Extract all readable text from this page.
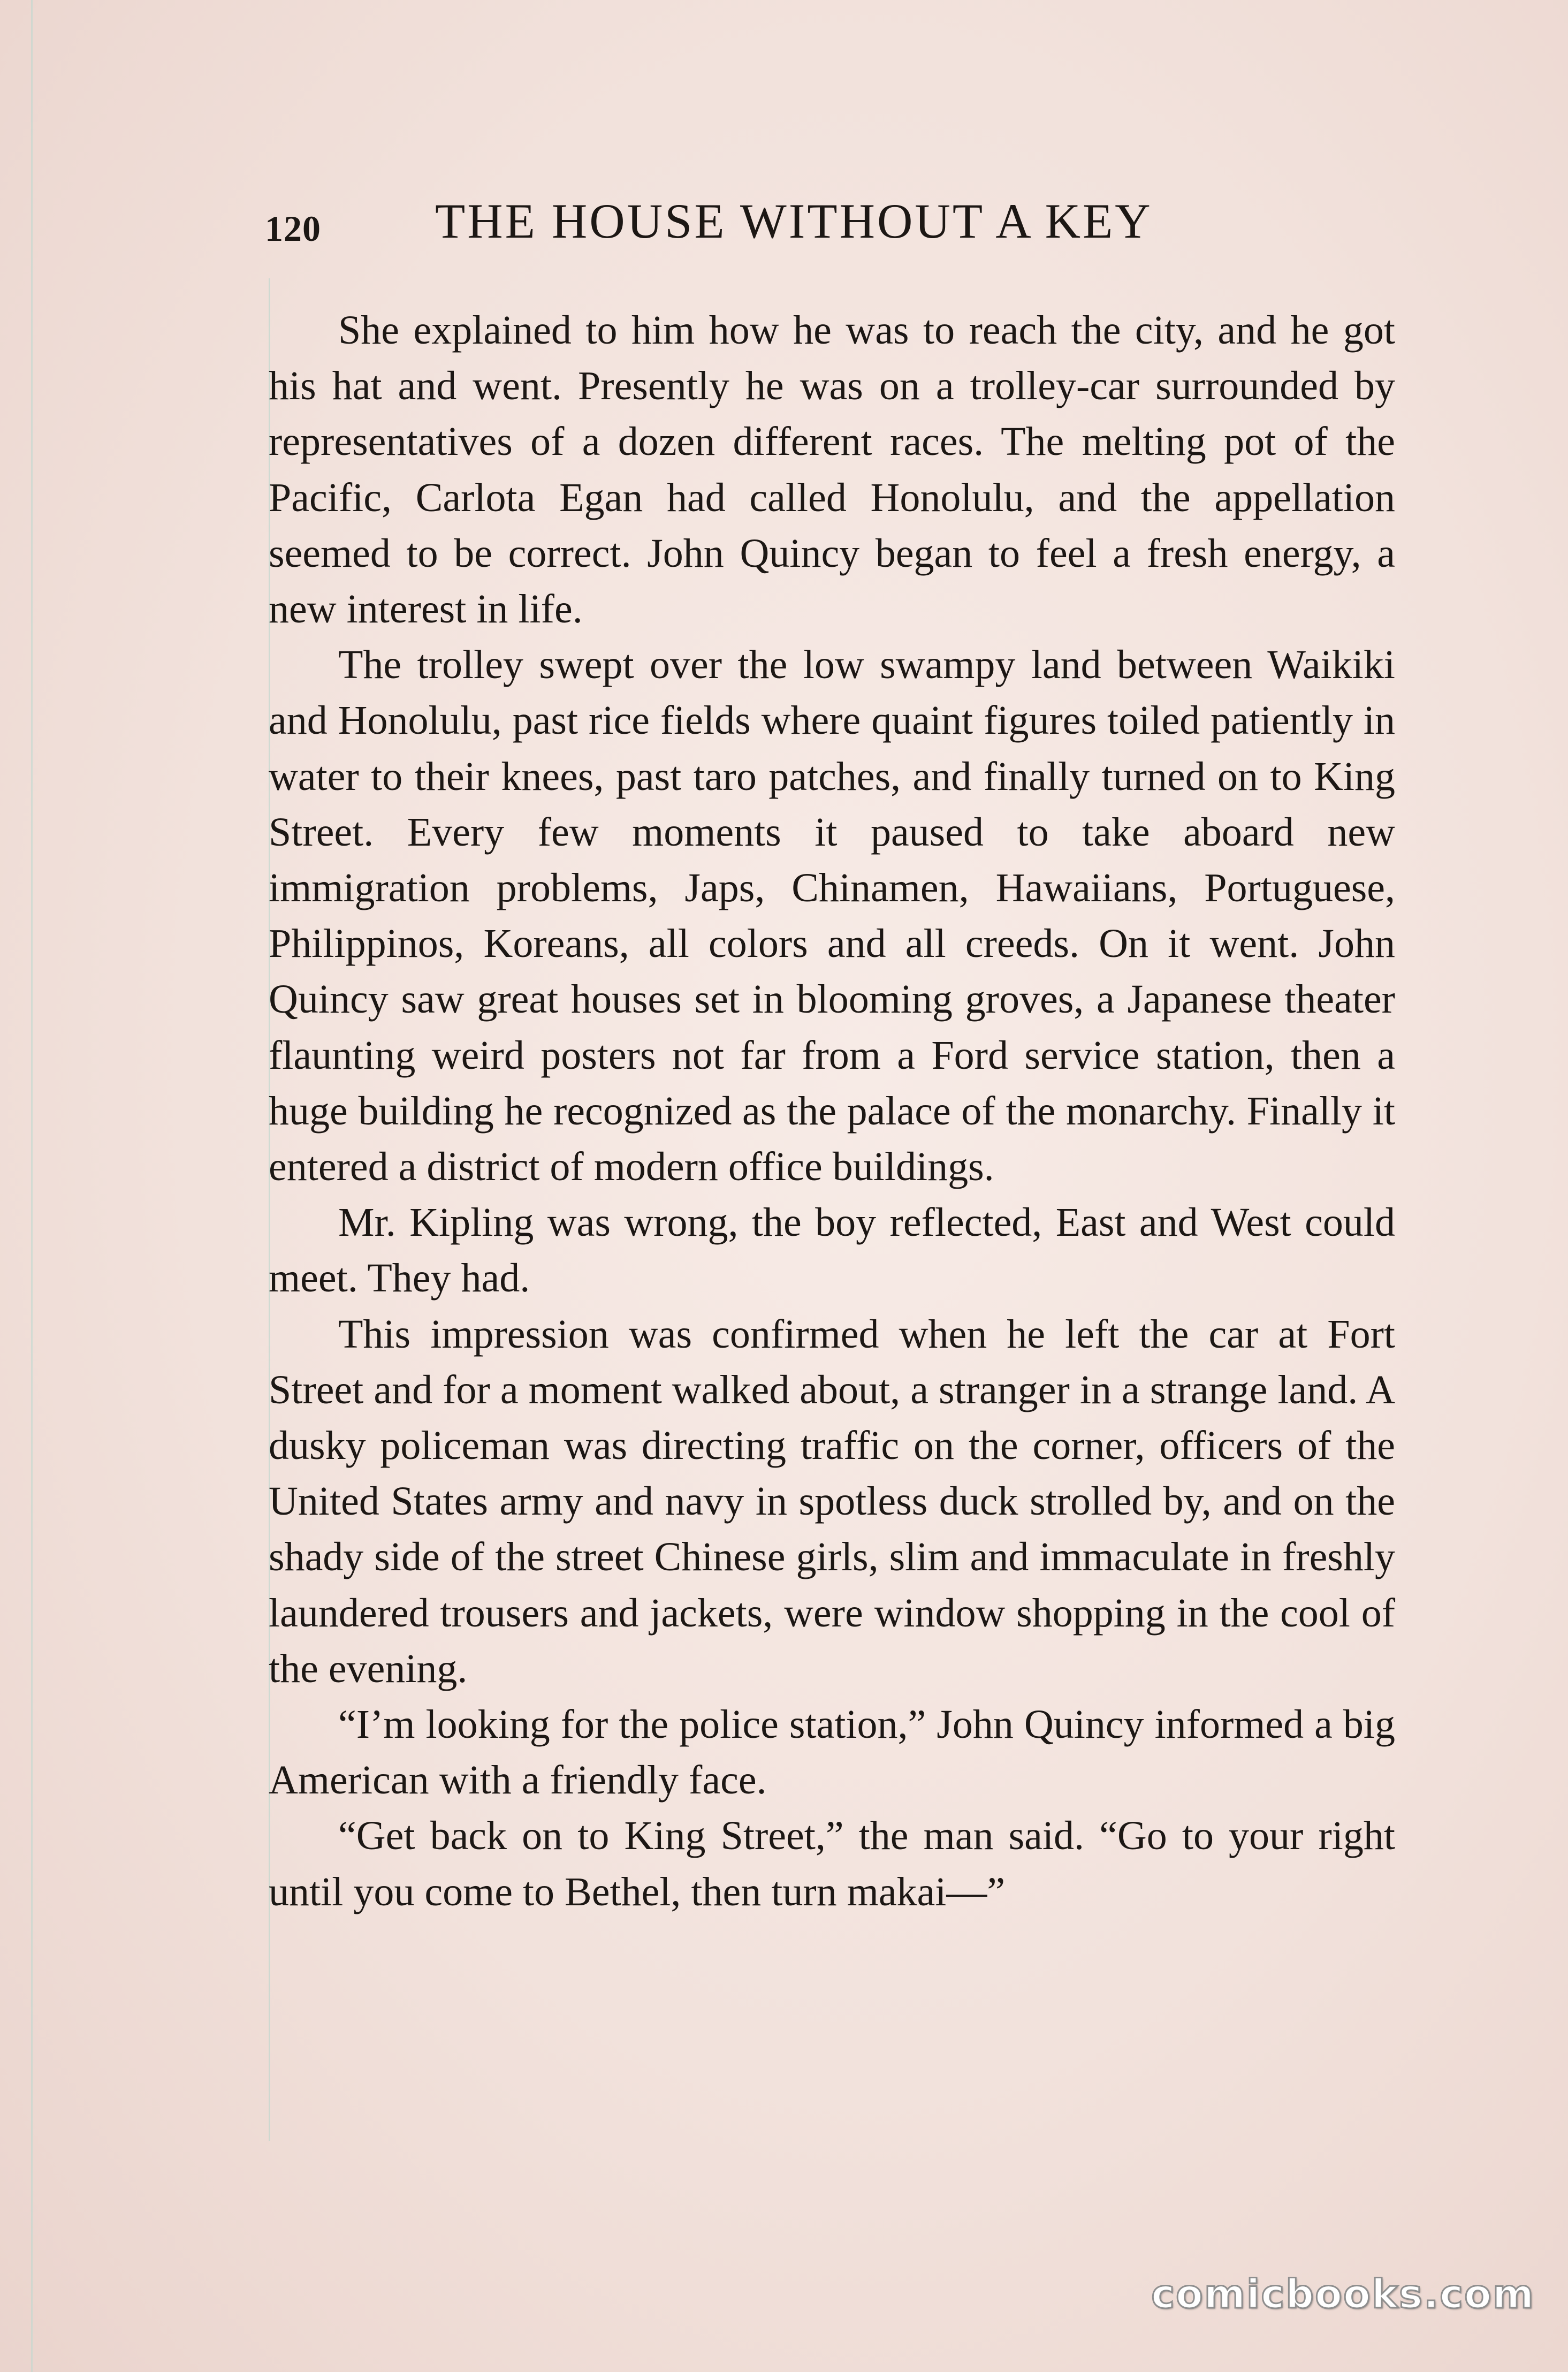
120 THE HOUSE WITHOUT A KEY

She explained to him how he was to reach the city, and he got his hat and went. Presently he was on a trolley-car surrounded by representatives of a dozen different races. The melting pot of the Pacific, Carlota Egan had called Honolulu, and the appellation seemed to be correct. John Quincy began to feel a fresh energy, a new interest in life.

The trolley swept over the low swampy land between Waikiki and Honolulu, past rice fields where quaint figures toiled patiently in water to their knees, past taro patches, and finally turned on to King Street. Every few moments it paused to take aboard new immigration problems, Japs, Chinamen, Hawaiians, Portuguese, Philippinos, Koreans, all colors and all creeds. On it went. John Quincy saw great houses set in blooming groves, a Japanese theater flaunting weird posters not far from a Ford service station, then a huge building he recognized as the palace of the monarchy. Finally it entered a district of modern office buildings.

Mr. Kipling was wrong, the boy reflected, East and West could meet. They had.

This impression was confirmed when he left the car at Fort Street and for a moment walked about, a stranger in a strange land. A dusky policeman was directing traffic on the corner, officers of the United States army and navy in spotless duck strolled by, and on the shady side of the street Chinese girls, slim and immaculate in freshly laundered trousers and jackets, were window shopping in the cool of the evening.

“I’m looking for the police station,” John Quincy informed a big American with a friendly face.

“Get back on to King Street,” the man said. “Go to your right until you come to Bethel, then turn makai—”

comicbooks.com
